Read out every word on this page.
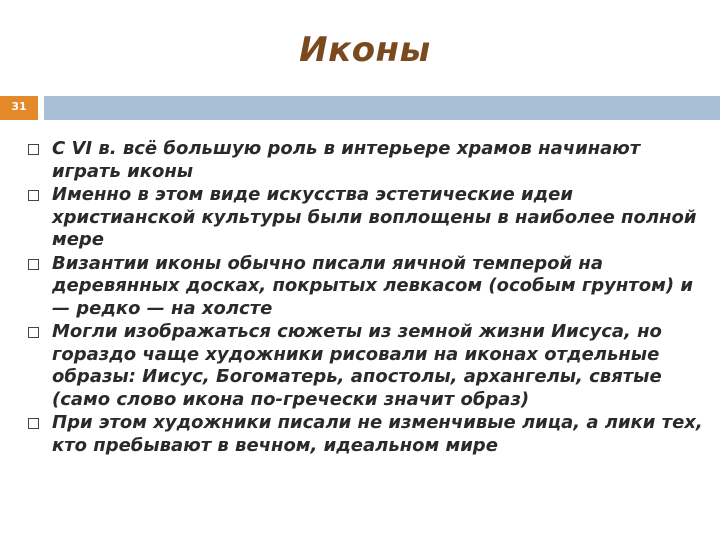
Иконы
31
С VI в. всё большую роль в интерьере храмов начинают играть иконы
Именно в этом виде искусства эстетические идеи христианской культуры были воплощены в наиболее полной мере
Византии иконы обычно писали яичной темперой на деревянных досках, покрытых левкасом (особым грунтом) и — редко — на холсте
Могли изображаться сюжеты из земной жизни Иисуса, но гораздо чаще художники рисовали на иконах отдельные образы: Иисус, Богоматерь, апостолы, архангелы, святые (само слово икона по-гречески значит образ)
При этом художники писали не изменчивые лица, а лики тех, кто пребывают в вечном, идеальном мире
